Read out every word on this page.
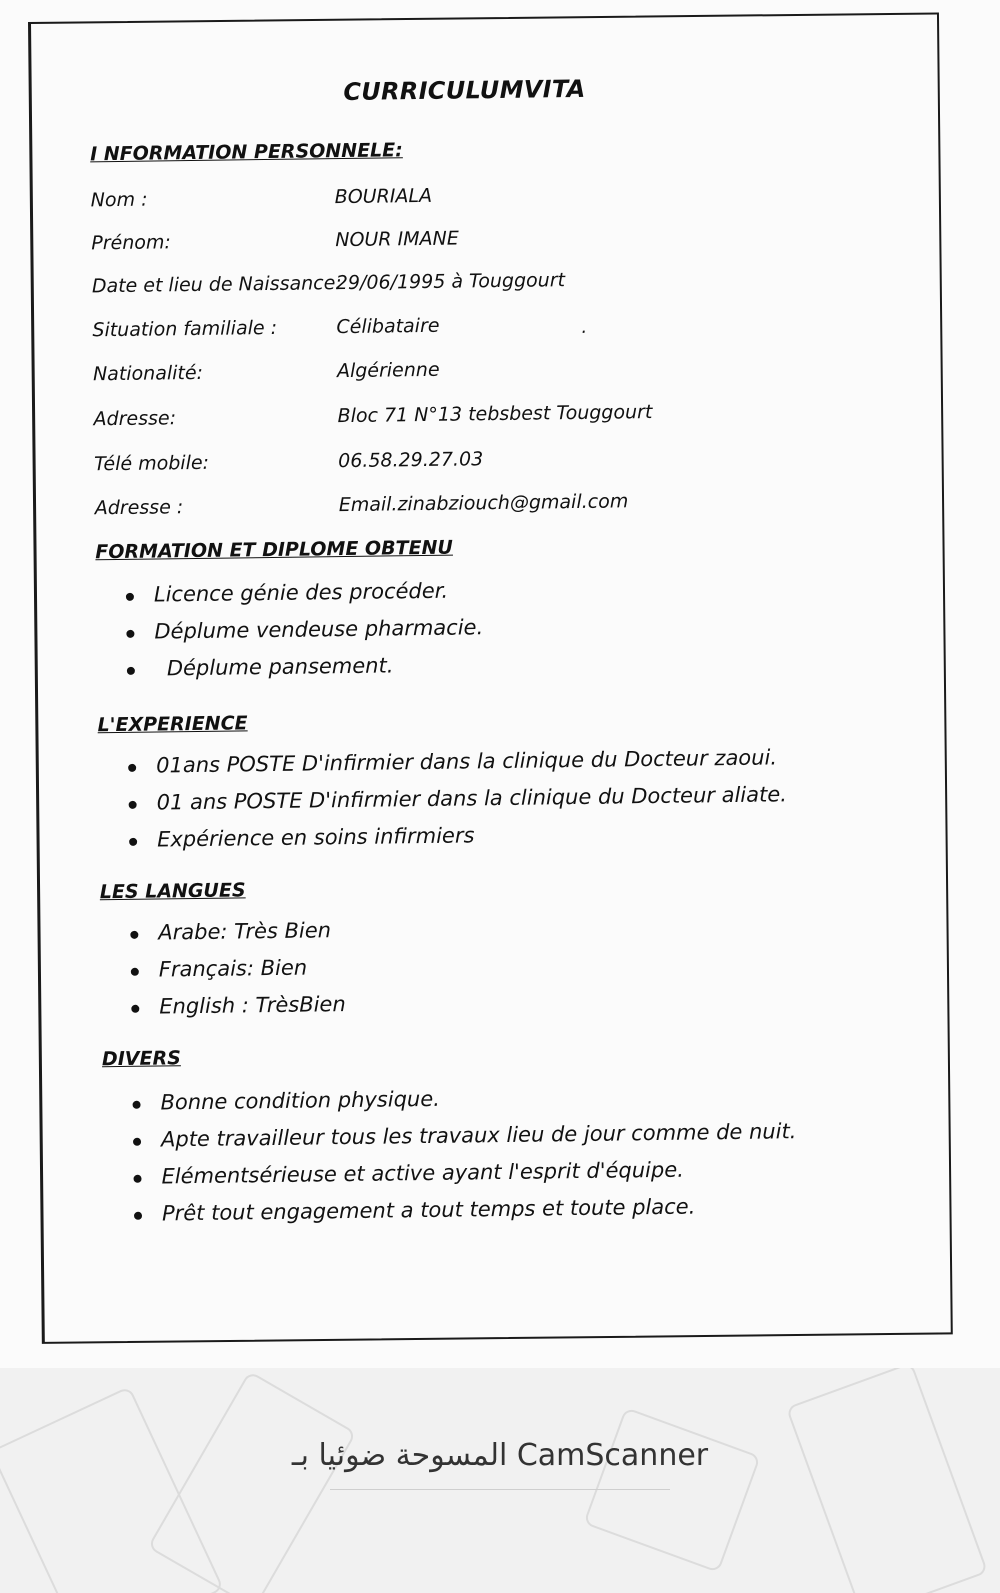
CURRICULUMVITA
I NFORMATION PERSONNELE:
Nom :	BOURIALA
Prénom:	NOUR IMANE
Date et lieu de Naissance:
29/06/1995 à Touggourt
Situation familiale :	Célibataire
Nationalité:	Algérienne
Adresse:	Bloc 71 N°13 tebsbest Touggourt
Télé mobile:	06.58.29.27.03
Adresse :	Email.zinabziouch@gmail.com
FORMATION ET DIPLOME OBTENU
Licence génie des procéder.
Déplume vendeuse pharmacie.
Déplume pansement.
L'EXPERIENCE
01ans POSTE D'infirmier dans la clinique du Docteur zaoui.
01 ans POSTE D'infirmier dans la clinique du Docteur aliate.
Expérience en soins infirmiers
LES LANGUES
Arabe: Très Bien
Français: Bien
English : TrèsBien
DIVERS
Bonne condition physique.
Apte travailleur tous les travaux lieu de jour comme de nuit.
Elémentsérieuse et active ayant l'esprit d'équipe.
Prêt tout engagement a tout temps et toute place.
.
المسوحة ضوئيا بـ CamScanner
